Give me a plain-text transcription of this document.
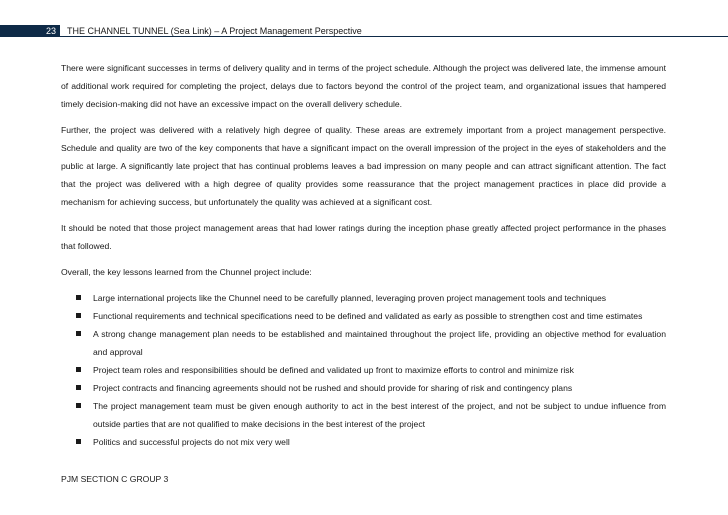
23	THE CHANNEL TUNNEL (Sea Link) – A Project Management Perspective

There were significant successes in terms of delivery quality and in terms of the project schedule. Although the project was delivered late, the immense amount of additional work required for completing the project, delays due to factors beyond the control of the project team, and organizational issues that hampered timely decision-making did not have an excessive impact on the overall delivery schedule.

Further, the project was delivered with a relatively high degree of quality. These areas are extremely important from a project management perspective. Schedule and quality are two of the key components that have a significant impact on the overall impression of the project in the eyes of stakeholders and the public at large. A significantly late project that has continual problems leaves a bad impression on many people and can attract significant attention. The fact that the project was delivered with a high degree of quality provides some reassurance that the project management practices in place did provide a mechanism for achieving success, but unfortunately the quality was achieved at a significant cost.

It should be noted that those project management areas that had lower ratings during the inception phase greatly affected project performance in the phases that followed.

Overall, the key lessons learned from the Chunnel project include:

Large international projects like the Chunnel need to be carefully planned, leveraging proven project management tools and techniques
Functional requirements and technical specifications need to be defined and validated as early as possible to strengthen cost and time estimates
A strong change management plan needs to be established and maintained throughout the project life, providing an objective method for evaluation and approval
Project team roles and responsibilities should be defined and validated up front to maximize efforts to control and minimize risk
Project contracts and financing agreements should not be rushed and should provide for sharing of risk and contingency plans
The project management team must be given enough authority to act in the best interest of the project, and not be subject to undue influence from outside parties that are not qualified to make decisions in the best interest of the project
Politics and successful projects do not mix very well
PJM SECTION C GROUP 3
